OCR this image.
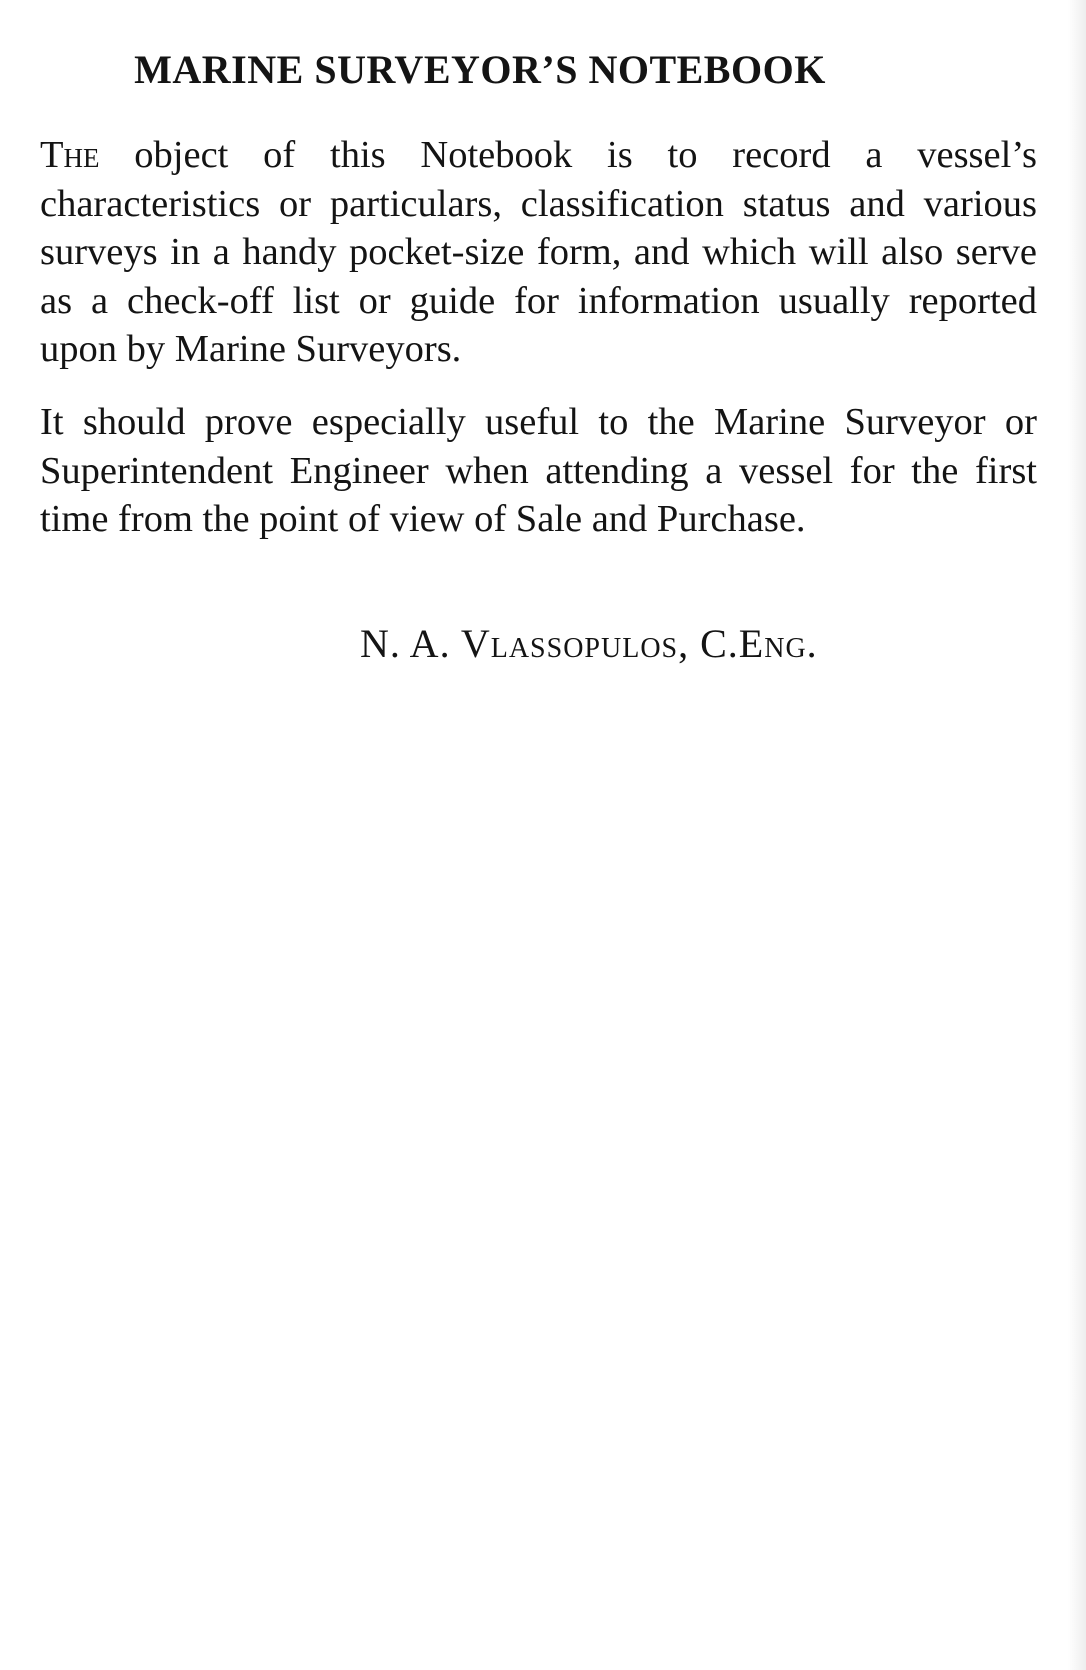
MARINE SURVEYOR’S NOTEBOOK

The object of this Notebook is to record a vessel’s characteristics or particulars, classification status and various surveys in a handy pocket-size form, and which will also serve as a check-off list or guide for information usually reported upon by Marine Surveyors.

It should prove especially useful to the Marine Surveyor or Superintendent Engineer when attending a vessel for the first time from the point of view of Sale and Purchase.

N. A. Vlassopulos, C.Eng.
